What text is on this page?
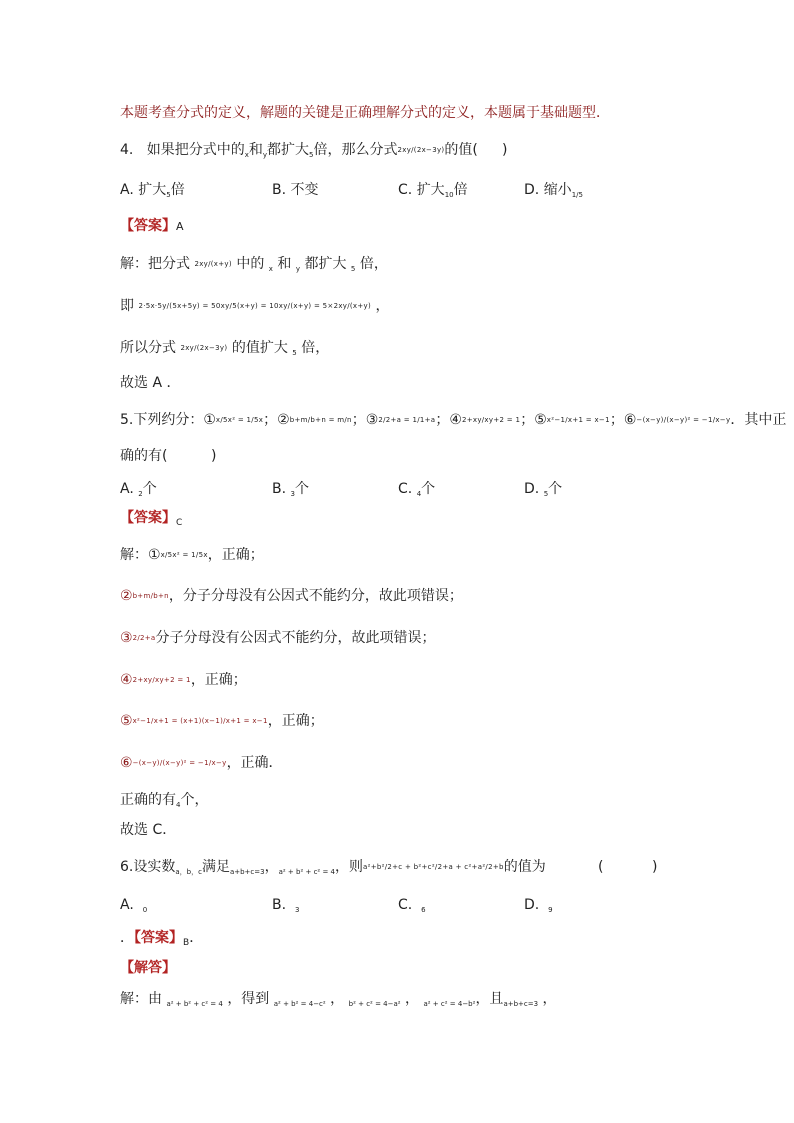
本题考查分式的定义，解题的关键是正确理解分式的定义，本题属于基础题型．
4. 如果把分式中的$_x$和$_y$都扩大$_5$倍，那么分式2xy/(2x−3y)的值( )
A. 扩大$_5$倍	B. 不变	C. 扩大$_{10}$倍	D. 缩小$_{1/5}$
【答案】A
解：把分式 2xy/(x+y) 中的 $_x$ 和 $_y$ 都扩大 $_5$ 倍，
即 2·5x·5y/(5x+5y) = 50xy/5(x+y) = 10xy/(x+y) = 5×2xy/(x+y) ，
所以分式 2xy/(2x−3y) 的值扩大 $_5$ 倍，
故选 A ．
5.下列约分：①x/5x² = 1/5x；②b+m/b+n = m/n；③2/2+a = 1/1+a；④2+xy/xy+2 = 1；⑤x²−1/x+1 = x−1；⑥−(x−y)/(x−y)² = −1/x−y．其中正
确的有(	)
A. $_2$个	B. $_3$个	C. $_4$个	D. $_5$个
【答案】$_C$
解：①x/5x² = 1/5x，正确；
②b+m/b+n，分子分母没有公因式不能约分，故此项错误；
③2/2+a分子分母没有公因式不能约分，故此项错误；
④2+xy/xy+2 = 1，正确；
⑤x²−1/x+1 = (x+1)(x−1)/x+1 = x−1，正确；
⑥−(x−y)/(x−y)² = −1/x−y，正确．
正确的有$_4$个，
故选 C．
6.设实数$_{a,b,c}$满足$_{a+b+c=3}$，$_{a^2 + b^2 + c^2 = 4}$，则a²+b²/2+c + b²+c²/2+a + c²+a²/2+b的值为	(	)
A. $_0$	B. $_3$	C. $_6$	D. $_9$
．【答案】$_B$．
【解答】
解：由 $_{a^2 + b^2 + c^2 = 4}$ ，得到 $_{a^2 + b^2 = 4-c^2}$ ， $_{b^2 + c^2 = 4-a^2}$ ， $_{a^2 + c^2 = 4-b^2}$，且$_{a+b+c=3}$ ，
